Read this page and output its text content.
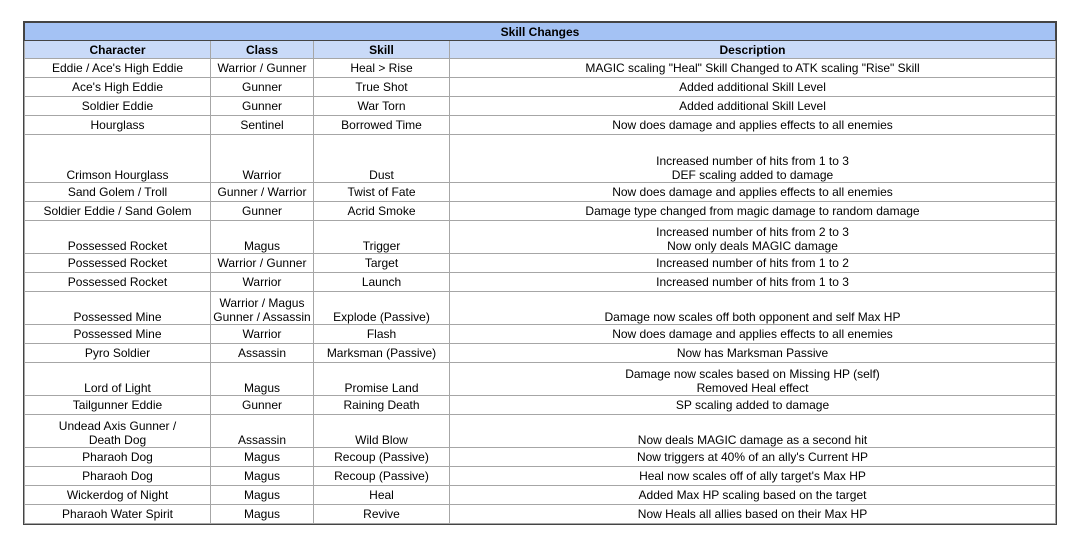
Skill Changes			
Character	Class	Skill	Description

Eddie / Ace's High Eddie	Warrior / Gunner	Heal > Rise	MAGIC scaling "Heal" Skill Changed to ATK scaling "Rise" Skill

Ace's High Eddie	Gunner	True Shot	Added additional Skill Level

Soldier Eddie	Gunner	War Torn	Added additional Skill Level

Hourglass	Sentinel	Borrowed Time	Now does damage and applies effects to all enemies

Crimson Hourglass	Warrior	Dust	Increased number of hits from 1 to 3
DEF scaling added to damage

Sand Golem / Troll	Gunner / Warrior	Twist of Fate	Now does damage and applies effects to all enemies

Soldier Eddie / Sand Golem	Gunner	Acrid Smoke	Damage type changed from magic damage to random damage

Possessed Rocket	Magus	Trigger	Increased number of hits from 2 to 3
Now only deals MAGIC damage

Possessed Rocket	Warrior / Gunner	Target	Increased number of hits from 1 to 2

Possessed Rocket	Warrior	Launch	Increased number of hits from 1 to 3

Possessed Mine	Warrior / Magus
Gunner / Assassin	Explode (Passive)	Damage now scales off both opponent and self Max HP

Possessed Mine	Warrior	Flash	Now does damage and applies effects to all enemies

Pyro Soldier	Assassin	Marksman (Passive)	Now has Marksman Passive

Lord of Light	Magus	Promise Land	Damage now scales based on Missing HP (self)
Removed Heal effect

Tailgunner Eddie	Gunner	Raining Death	SP scaling added to damage

Undead Axis Gunner /
Death Dog	Assassin	Wild Blow	Now deals MAGIC damage as a second hit

Pharaoh Dog	Magus	Recoup (Passive)	Now triggers at 40% of an ally's Current HP

Pharaoh Dog	Magus	Recoup (Passive)	Heal now scales off of ally target's Max HP

Wickerdog of Night	Magus	Heal	Added Max HP scaling based on the target

Pharaoh Water Spirit	Magus	Revive	Now Heals all allies based on their Max HP
